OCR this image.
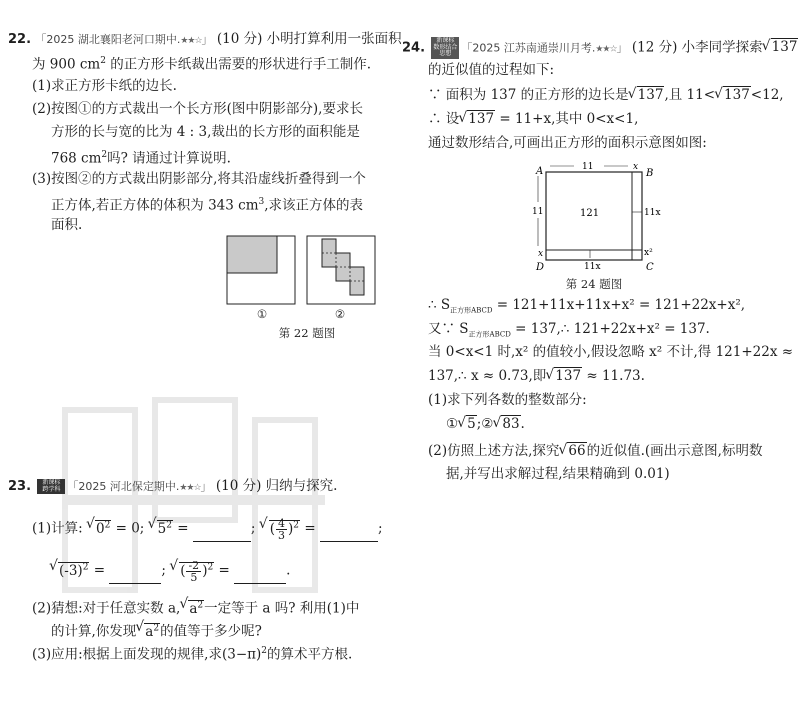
22. 「2025 湖北襄阳老河口期中.★★☆」 (10 分) 小明打算利用一张面积
为 900 $cm^2$ 的正方形卡纸裁出需要的形状进行手工制作.
(1)求正方形卡纸的边长.
(2)按图①的方式裁出一个长方形(图中阴影部分),要求长
方形的长与宽的比为 4 : 3,裁出的长方形的面积能是
768 $cm^2$吗? 请通过计算说明.
(3)按图②的方式裁出阴影部分,将其沿虚线折叠得到一个
正方体,若正方体的体积为 343 $cm^3$,求该正方体的表
面积.
①	②
第 22 题图
23. 新课标 跨学科 「2025 河北保定期中.★★☆」 (10 分) 归纳与探究.
(1)计算: √ $0^2 = 0$; √ $5^2$ =	; √ ( $\frac{4}{3} )^2$ =	;
√ $(-3)^2$ =	; √ ( $\frac{-2}{5} )^2$ =	.
(2)猜想:对于任意实数 a, √ $a^2$一定等于 a 吗? 利用(1)中
的计算,你发现 √ $a^2$的值等于多少呢?
(3)应用:根据上面发现的规律,求$(3-\pi)^2$的算术平方根.
24. 新课标 数形结合思想 「2025 江苏南通崇川月考.★★☆」 (12 分) 小李同学探索 √ 137
的近似值的过程如下:
∵ 面积为 137 的正方形的边长是 √ 137,且 11< √ 137<12,
∴ 设 √ 137 = 11+x,其中 0<x<1,
通过数形结合,可画出正方形的面积示意图如图:
A	B
C
D
11	x
11
x
121	11x
x²
11x
第 24 题图
∴ $S_{正方形ABCD} = 121+11x+11x+x^2 = 121+22x+x^2$,
又∵ $S_{正方形ABCD}$ = 137,∴ 121+22x+x² = 137.
当 0<x<1 时,x² 的值较小,假设忽略 x² 不计,得 121+22x ≈
137,∴ x ≈ 0.73,即 √ 137 ≈ 11.73.
(1)求下列各数的整数部分:
① √ 5;② √ 83.
(2)仿照上述方法,探究 √ 66的近似值.(画出示意图,标明数
据,并写出求解过程,结果精确到 0.01)
